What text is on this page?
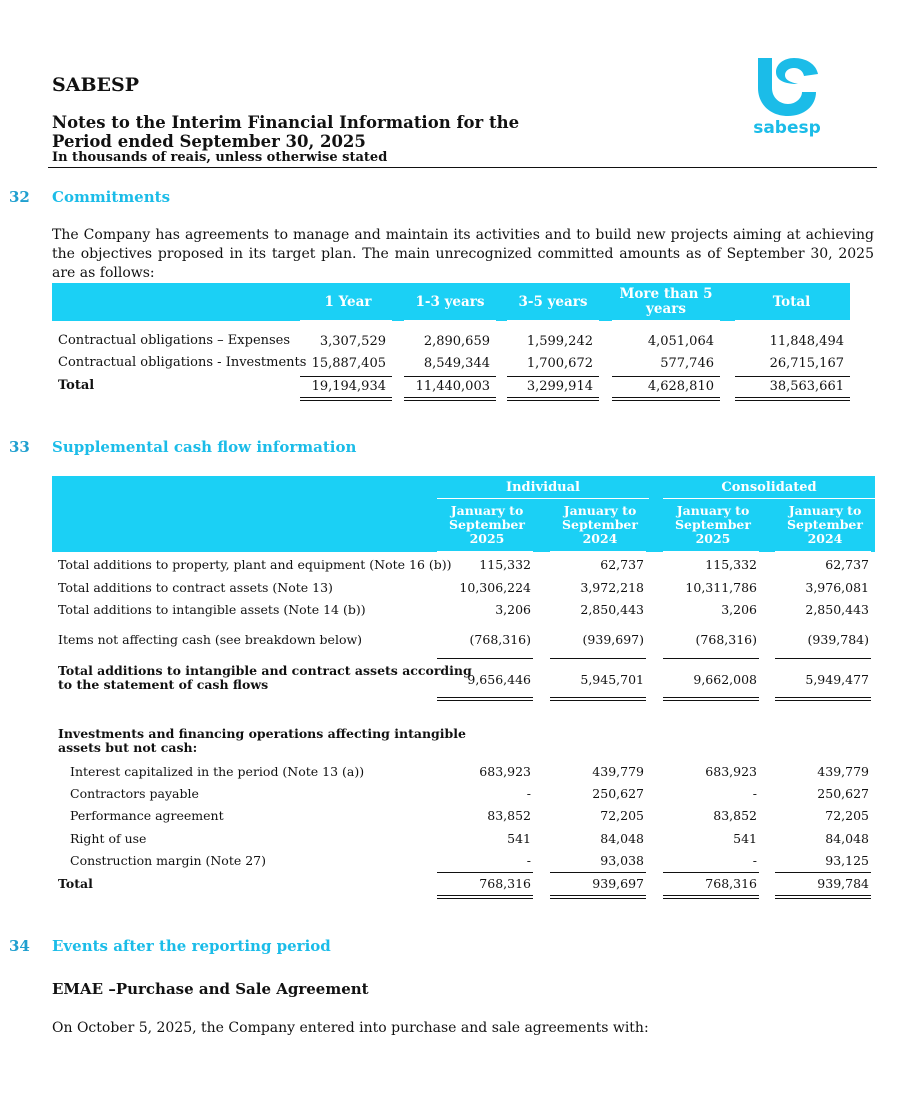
SABESP
Notes to the Interim Financial Information for the
Period ended September 30, 2025
In thousands of reais, unless otherwise stated
sabesp
32 Commitments
The Company has agreements to manage and maintain its activities and to build new projects aiming at achieving the objectives proposed in its target plan. The main unrecognized committed amounts as of September 30, 2025 are as follows:
1 Year	1-3 years	3-5 years	More than 5 years	Total
Contractual obligations – Expenses	3,307,529	2,890,659	1,599,242	4,051,064	11,848,494
Contractual obligations - Investments 15,887,405	8,549,344	1,700,672	577,746	26,715,167
Total	19,194,934	11,440,003	3,299,914	4,628,810	38,563,661
33 Supplemental cash flow information
Individual	Consolidated
January to
September
2025
January to
September
2024
January to
September
2025
January to
September
2024
Total additions to property, plant and equipment (Note 16 (b))	115,332	62,737	115,332	62,737
Total additions to contract assets (Note 13)	10,306,224	3,972,218	10,311,786	3,976,081
Total additions to intangible assets (Note 14 (b))	3,206	2,850,443	3,206	2,850,443
Items not affecting cash (see breakdown below)	(768,316)	(939,697)	(768,316)	(939,784)
Total additions to intangible and contract assets according
to the statement of cash flows	9,656,446	5,945,701	9,662,008	5,949,477
Investments and financing operations affecting intangible
assets but not cash:
Interest capitalized in the period (Note 13 (a))	683,923	439,779	683,923	439,779
Contractors payable	-	250,627	-	250,627
Performance agreement	83,852	72,205	83,852	72,205
Right of use	541	84,048	541	84,048
Construction margin (Note 27)	-	93,038	-	93,125
Total	768,316	939,697	768,316	939,784
34 Events after the reporting period
EMAE –Purchase and Sale Agreement
On October 5, 2025, the Company entered into purchase and sale agreements with:
